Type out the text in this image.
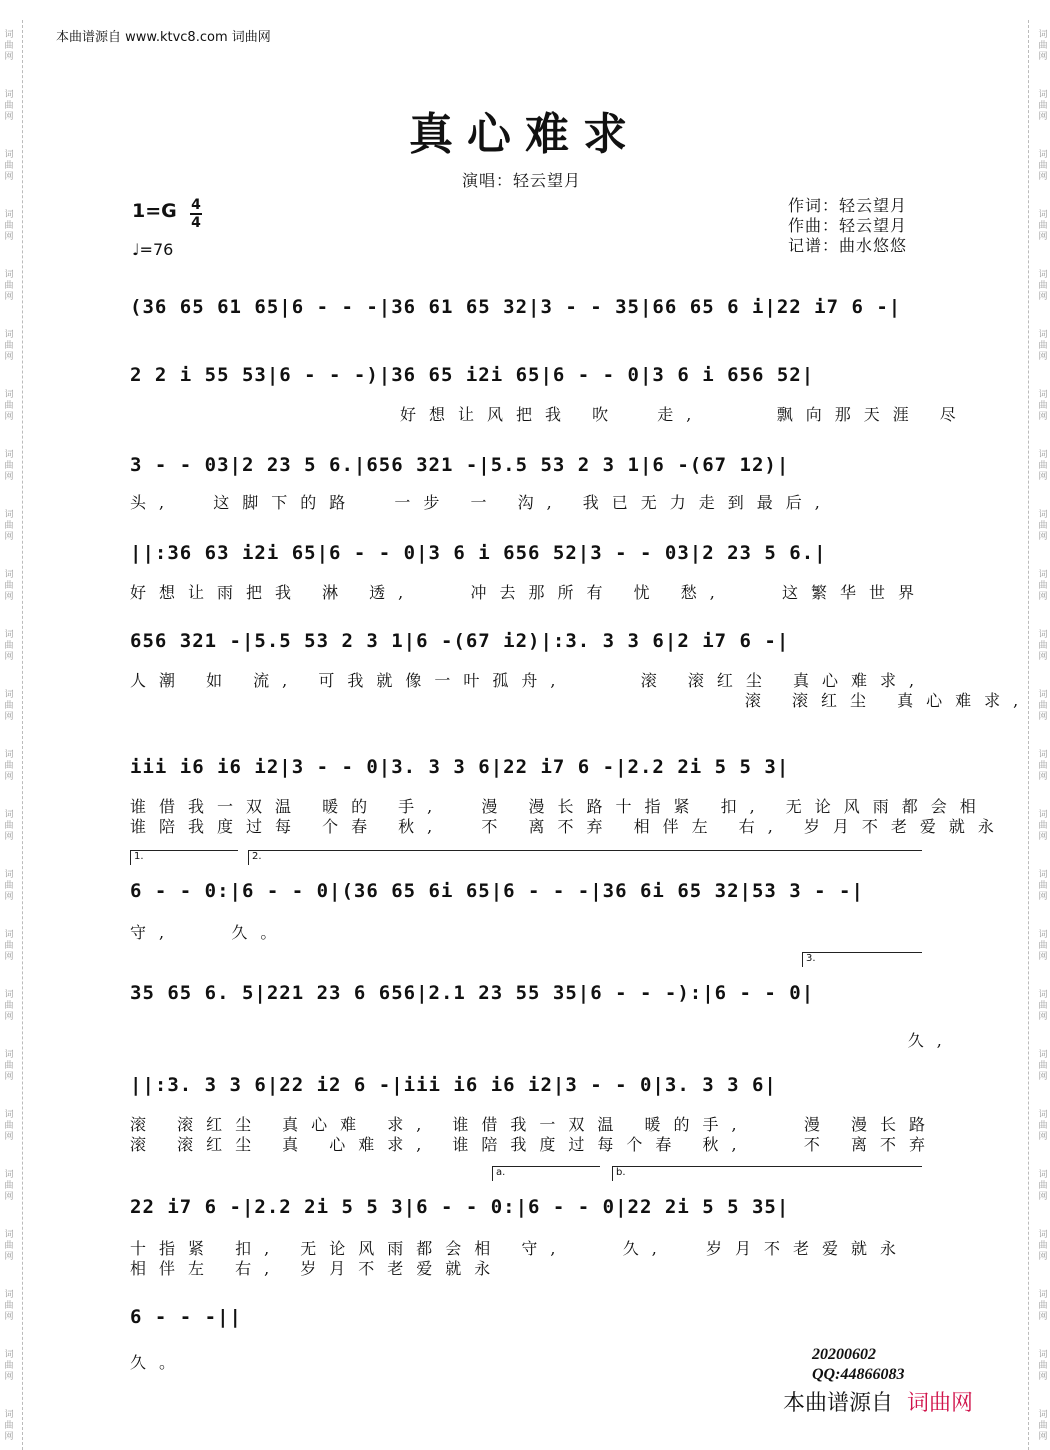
词曲网
词曲网
词曲网
词曲网
词曲网
词曲网
词曲网
词曲网
词曲网
词曲网
词曲网
词曲网
词曲网
词曲网
词曲网
词曲网
词曲网
词曲网
词曲网
词曲网
词曲网
词曲网
词曲网
词曲网
词曲网
词曲网
词曲网
词曲网
词曲网
词曲网
词曲网
词曲网
词曲网
词曲网
词曲网
词曲网
词曲网
词曲网
词曲网
词曲网
词曲网
词曲网
词曲网
词曲网
词曲网
词曲网
词曲网
词曲网
本曲谱源自 www.ktvc8.com 词曲网
真心难求
演唱：轻云望月
1=G 4
4
♩=76
作词：轻云望月
作曲：轻云望月
记谱：曲水悠悠
(36 65 61 65|6 - - -|36 61 65 32|3 - - 35|66 65 6 i|22 i7 6 -|
2 2 i 55 53|6 - - -)|36 65 i2i 65|6 - - 0|3 6 i 656 52|
好想让风把我 吹  走,    飘向那天涯 尽
3 - - 03|2 23 5 6.|656 321 -|5.5 53 2 3 1|6 -(67 12)|
头,  这脚下的路  一步 一 沟, 我已无力走到最后,
||:36 63 i2i 65|6 - - 0|3 6 i 656 52|3 - - 03|2 23 5 6.|
好想让雨把我 淋 透,   冲去那所有 忧 愁,   这繁华世界
656 321 -|5.5 53 2 3 1|6 -(67 i2)|:3. 3 3 6|2 i7 6 -|
人潮 如 流, 可我就像一叶孤舟,    滚 滚红尘 真心难求,
滚 滚红尘 真心难求,
iii i6 i6 i2|3 - - 0|3. 3 3 6|22 i7 6 -|2.2 2i 5 5 3|
谁借我一双温 暖的 手,  漫 漫长路十指紧 扣, 无论风雨都会相
谁陪我度过每 个春 秋,  不 离不弃 相伴左 右, 岁月不老爱就永
6 - - 0:|6 - - 0|(36 65 6i 65|6 - - -|36 6i 65 32|53 3 - -|
守,   久。
35 65 6. 5|221 23 6 656|2.1 23 55 35|6 - - -):|6 - - 0|
久,
||:3. 3 3 6|22 i2 6 -|iii i6 i6 i2|3 - - 0|3. 3 3 6|
滚 滚红尘 真心难 求, 谁借我一双温 暖的手,   漫 漫长路
滚 滚红尘 真 心难求, 谁陪我度过每个春 秋,   不 离不弃
22 i7 6 -|2.2 2i 5 5 3|6 - - 0:|6 - - 0|22 2i 5 5 35|
十指紧 扣, 无论风雨都会相 守,   久,  岁月不老爱就永
相伴左 右, 岁月不老爱就永
6 - - -||
久。
1.	2.
3.
a.	b.
20200602
QQ:44866083
本曲谱源自 词曲网
